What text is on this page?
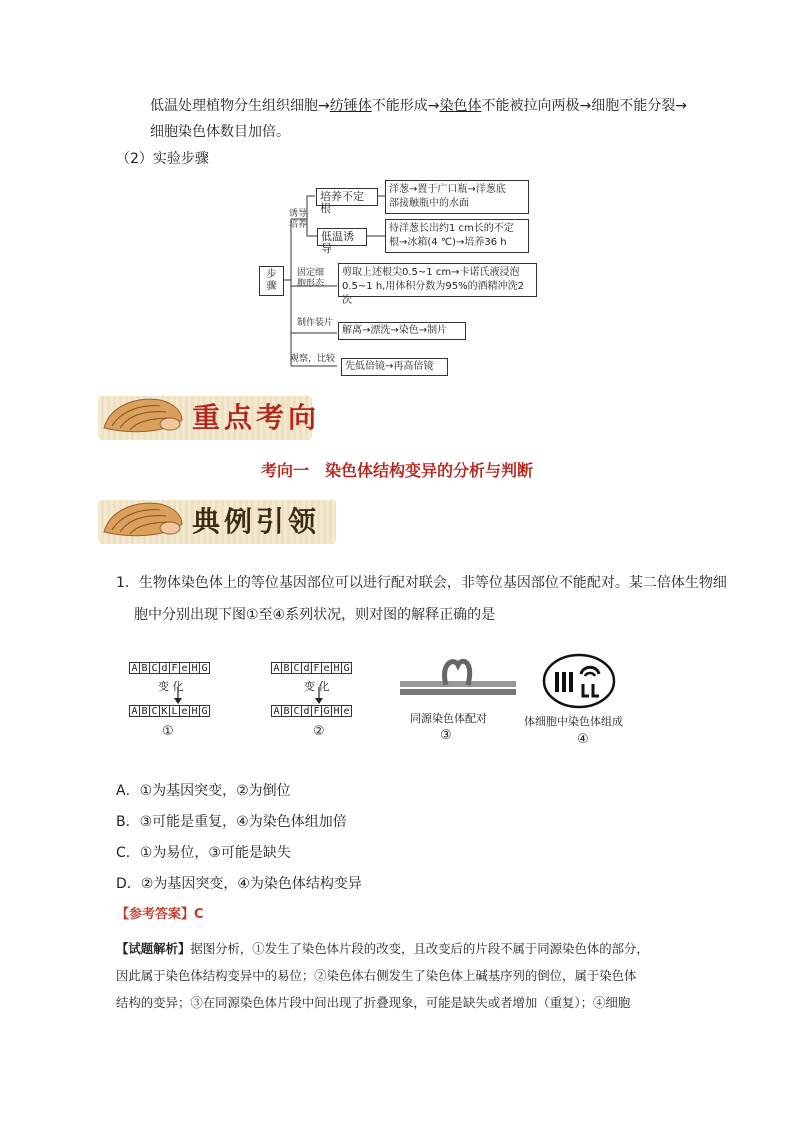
低温处理植物分生组织细胞→纺锤体不能形成→染色体不能被拉向两极→细胞不能分裂→
细胞染色体数目加倍。
（2）实验步骤
步
骤
诱导
培养
培养不定根
洋葱→置于广口瓶→洋葱底
部接触瓶中的水面
低温诱导
待洋葱长出约1 cm长的不定
根→冰箱(4 ℃)→培养36 h
固定细
胞形态
剪取上述根尖0.5~1 cm→卡诺氏液浸泡
0.5~1 h,用体积分数为95%的酒精冲洗2次
制作装片
解离→漂洗→染色→制片
观察，比较
先低倍镜→再高倍镜
重点考向
考向一　染色体结构变异的分析与判断
典例引领
1．生物体染色体上的等位基因部位可以进行配对联会，非等位基因部位不能配对。某二倍体生物细
胞中分别出现下图①至④系列状况，则对图的解释正确的是
A B C d F e H G
变 化
A B C K L e H G
①
A B C d F e H G
变 化
A B C d F G H e
②
同源染色体配对
③
体细胞中染色体组成
④
A．①为基因突变，②为倒位
B．③可能是重复，④为染色体组加倍
C．①为易位，③可能是缺失
D．②为基因突变，④为染色体结构变异
【参考答案】C
【试题解析】据图分析，①发生了染色体片段的改变，且改变后的片段不属于同源染色体的部分，
因此属于染色体结构变异中的易位；②染色体右侧发生了染色体上碱基序列的倒位，属于染色体
结构的变异；③在同源染色体片段中间出现了折叠现象，可能是缺失或者增加（重复）；④细胞
